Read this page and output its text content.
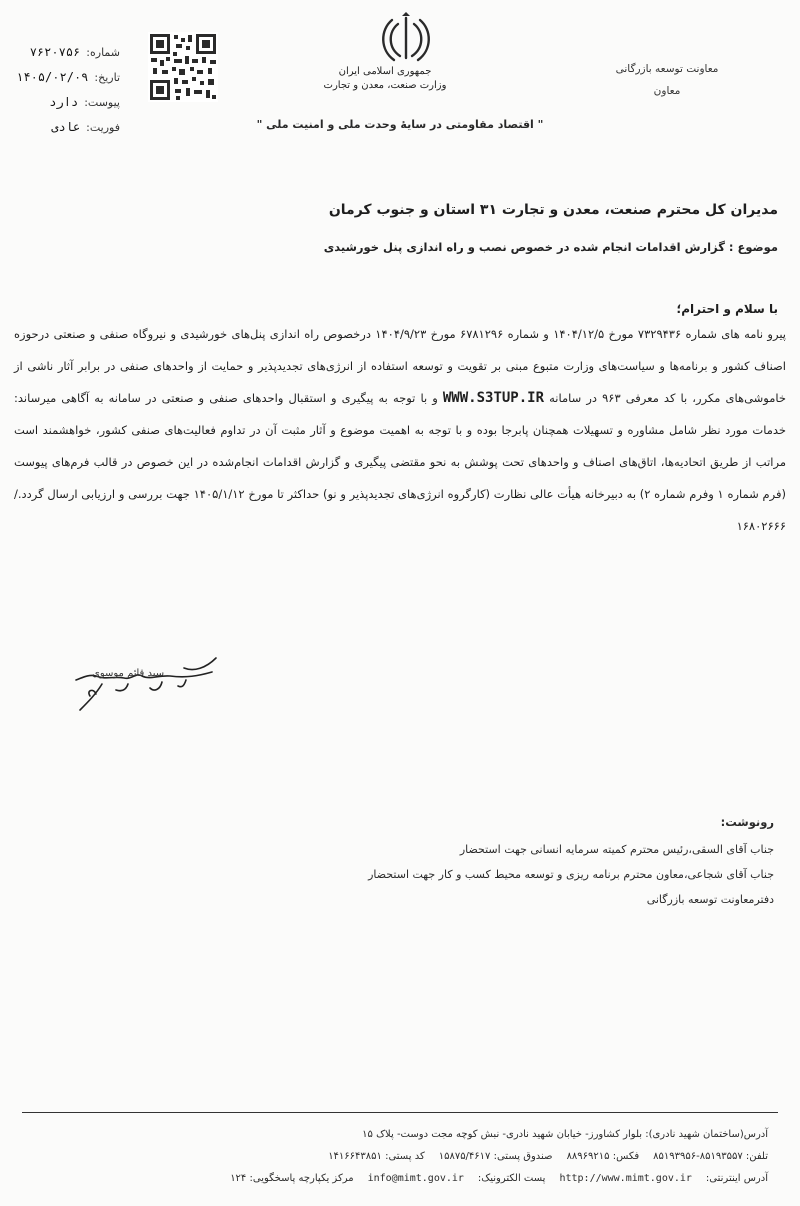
شماره:
۷۶۲۰۷۵۶
تاریخ:
۱۴۰۵/۰۲/۰۹
پیوست:
دارد
فوریت:
عادی
جمهوری اسلامی ایران
وزارت صنعت، معدن و تجارت
معاونت توسعه بازرگانی
معاون
" اقتصاد مقاومتی در سایهٔ وحدت ملی و امنیت ملی "
مدیران کل محترم صنعت، معدن و تجارت ۳۱ استان و جنوب کرمان
موضوع : گزارش اقدامات انجام شده در خصوص نصب و راه اندازی پنل خورشیدی
با سلام و احترام؛
پیرو نامه های شماره ۷۳۲۹۴۳۶ مورخ ۱۴۰۴/۱۲/۵ و شماره ۶۷۸۱۲۹۶ مورخ ۱۴۰۴/۹/۲۳ درخصوص راه اندازی پنل‌های خورشیدی و نیروگاه صنفی و صنعتی درحوزه اصناف کشور و برنامه‌ها و سیاست‌های وزارت متبوع مبنی بر تقویت و توسعه استفاده از انرژی‌های تجدیدپذیر و حمایت از واحدهای صنفی در برابر آثار ناشی از خاموشی‌های مکرر، با کد معرفی ۹۶۳ در سامانه WWW.S3TUP.IR و با توجه به پیگیری و استقبال واحدهای صنفی و صنعتی در سامانه به آگاهی میرساند: خدمات مورد نظر شامل مشاوره و تسهیلات همچنان پابرجا بوده و با توجه به اهمیت موضوع و آثار مثبت آن در تداوم فعالیت‌های صنفی کشور، خواهشمند است مراتب از طریق اتحادیه‌ها، اتاق‌های اصناف و واحدهای تحت پوشش به نحو مقتضی پیگیری و گزارش اقدامات انجام‌شده در این خصوص در قالب فرم‌های پیوست (فرم شماره ۱ وفرم شماره ۲) به دبیرخانه هیأت عالی نظارت (کارگروه انرژی‌های تجدیدپذیر و نو) حداکثر تا مورخ ۱۴۰۵/۱/۱۲ جهت بررسی و ارزیابی ارسال گردد./ ۱۶۸۰۲۶۶۶
سید قائم موسوی
رونوشت:
جناب آقای السقی،رئیس محترم کمیته سرمایه انسانی جهت استحضار
جناب آقای شجاعی،معاون محترم برنامه ریزی و توسعه محیط کسب و کار جهت استحضار
دفترمعاونت توسعه بازرگانی
آدرس(ساختمان شهید نادری): بلوار کشاورز- خیابان شهید نادری- نبش کوچه مجت دوست- پلاک ۱۵
تلفن: ۸۵۱۹۳۵۵۷-۸۵۱۹۳۹۵۶
فکس: ۸۸۹۶۹۲۱۵
صندوق پستی: ۱۵۸۷۵/۴۶۱۷
کد پستی: ۱۴۱۶۶۴۳۸۵۱
آدرس اینترنتی:
http://www.mimt.gov.ir
پست الکترونیک:
info@mimt.gov.ir
مرکز یکپارچه پاسخگویی: ۱۲۴
